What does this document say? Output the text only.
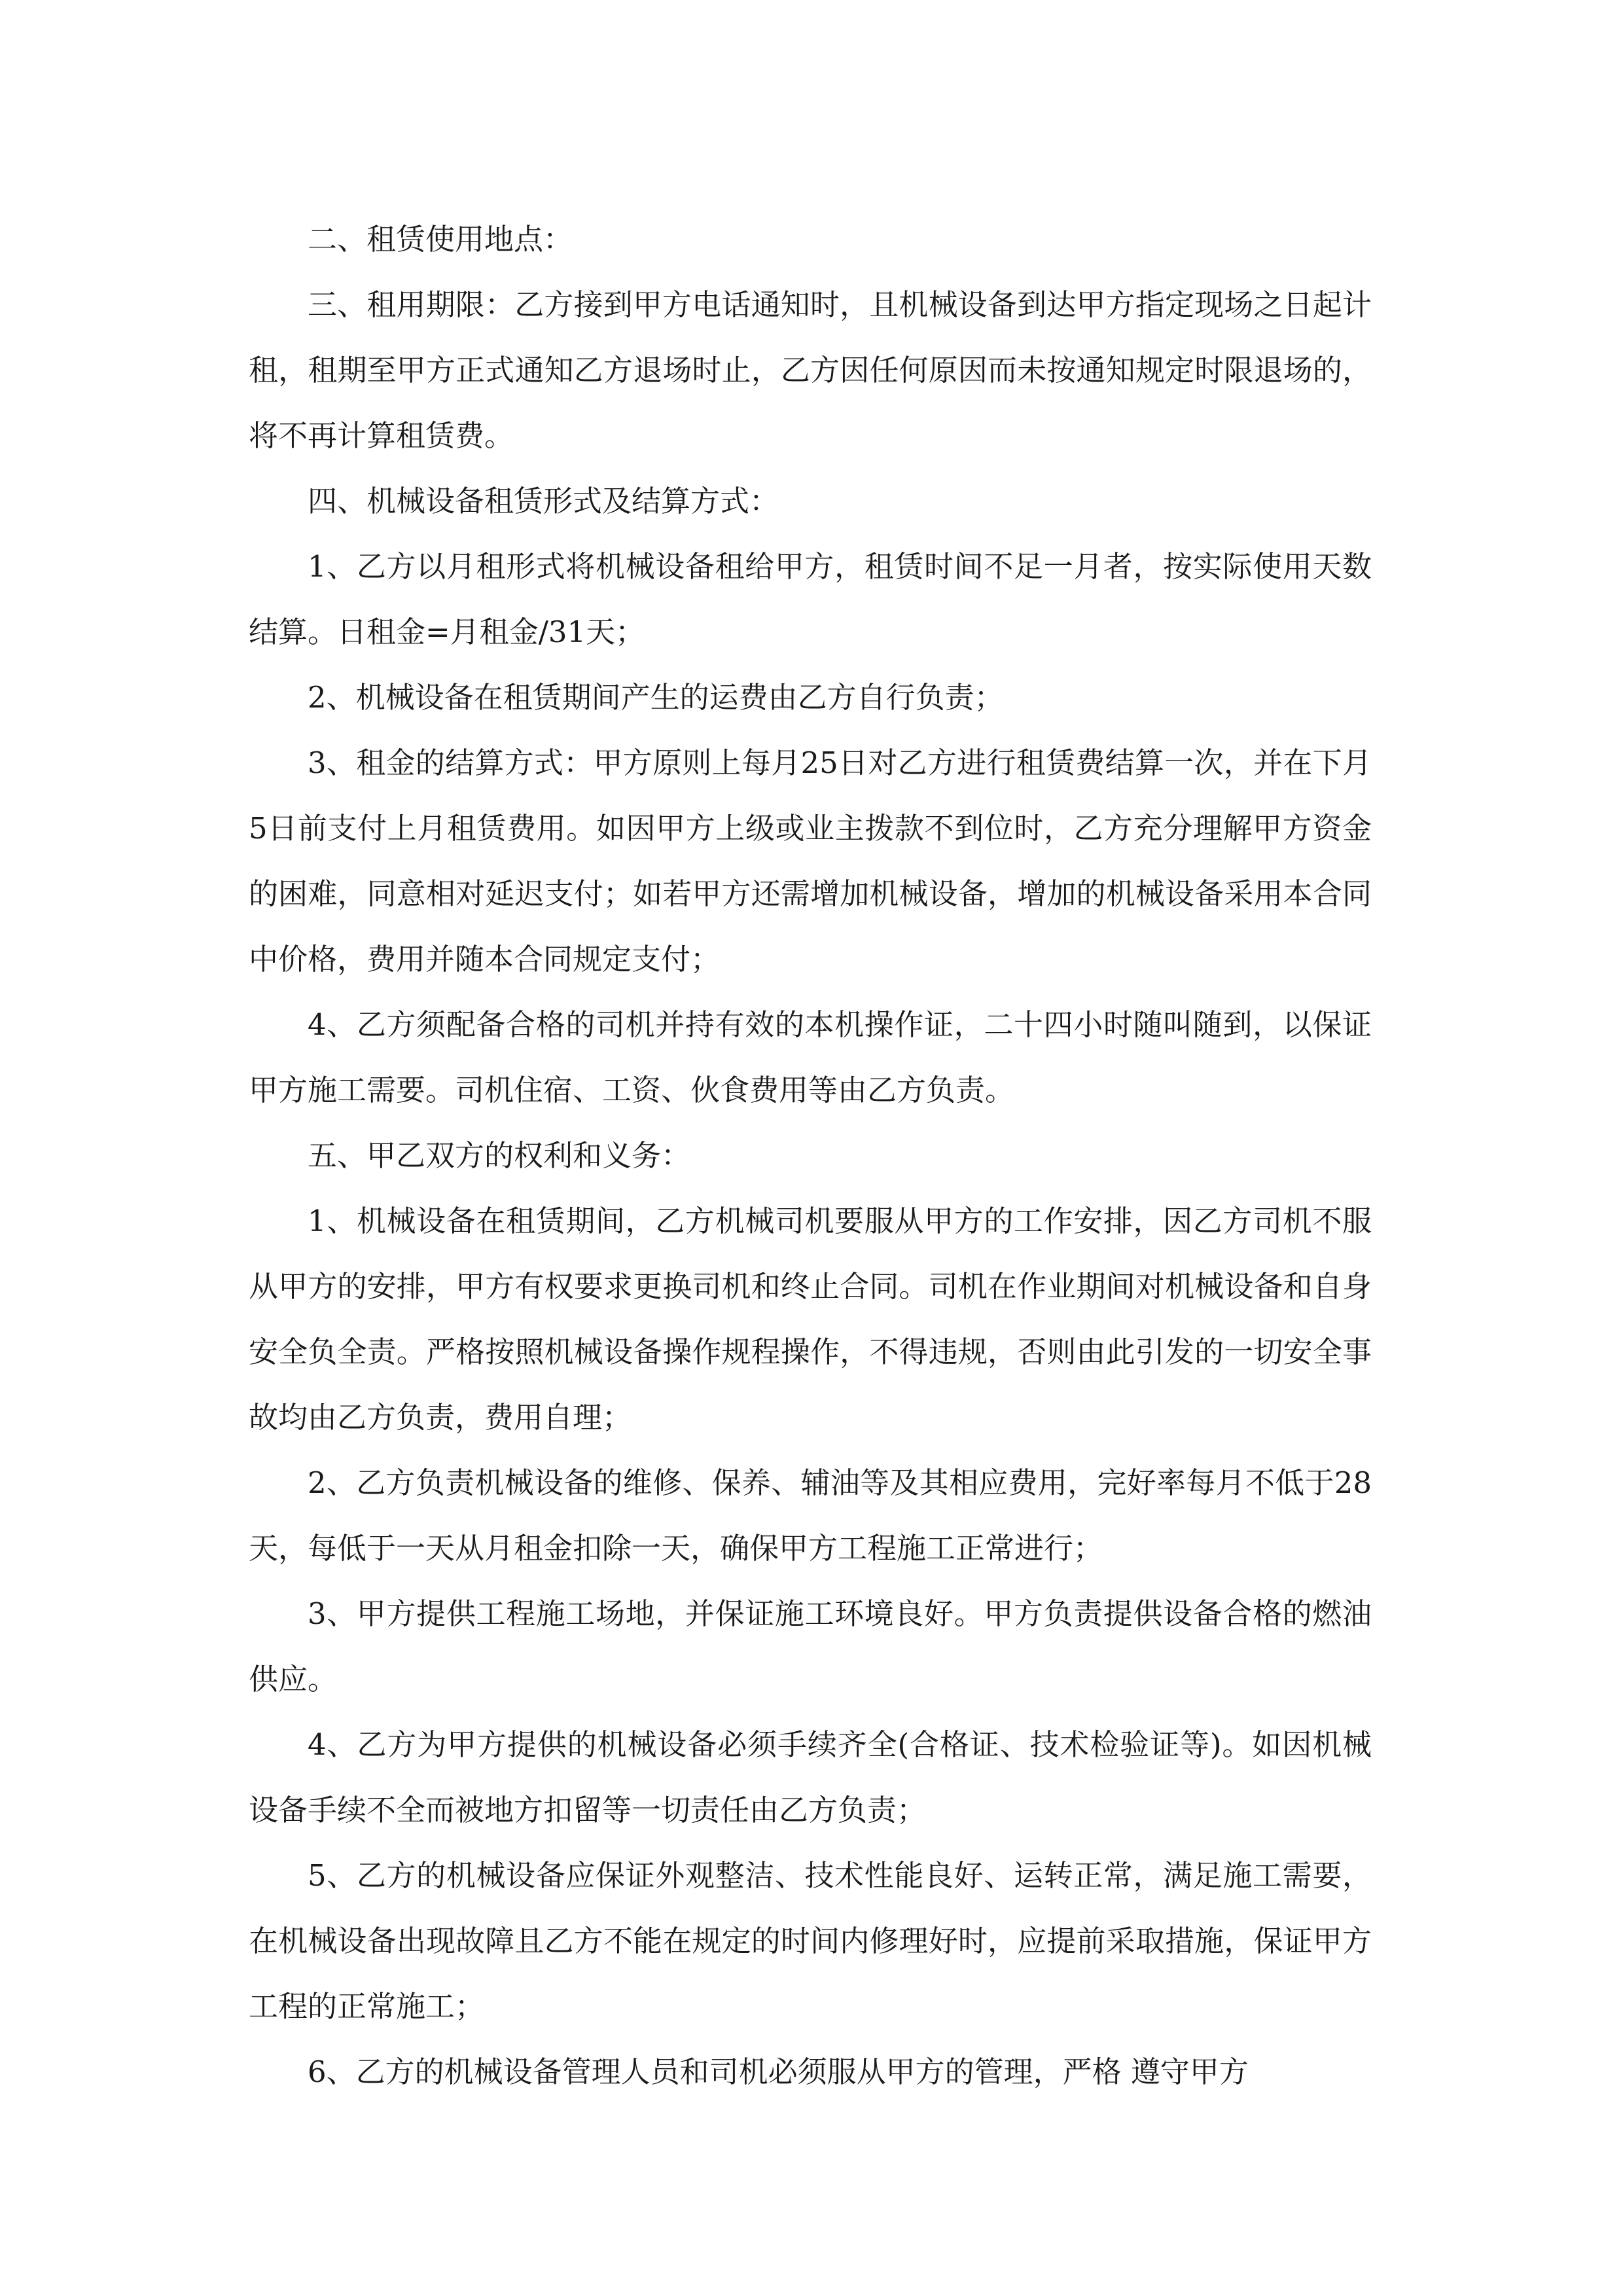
二、租赁使用地点：

三、租用期限：乙方接到甲方电话通知时，且机械设备到达甲方指定现场之日起计租，租期至甲方正式通知乙方退场时止，乙方因任何原因而未按通知规定时限退场的，将不再计算租赁费。

四、机械设备租赁形式及结算方式：

1、乙方以月租形式将机械设备租给甲方，租赁时间不足一月者，按实际使用天数结算。日租金=月租金/31天；

2、机械设备在租赁期间产生的运费由乙方自行负责；

3、租金的结算方式：甲方原则上每月25日对乙方进行租赁费结算一次，并在下月5日前支付上月租赁费用。如因甲方上级或业主拨款不到位时，乙方充分理解甲方资金的困难，同意相对延迟支付；如若甲方还需增加机械设备，增加的机械设备采用本合同中价格，费用并随本合同规定支付；

4、乙方须配备合格的司机并持有效的本机操作证，二十四小时随叫随到，以保证甲方施工需要。司机住宿、工资、伙食费用等由乙方负责。

五、甲乙双方的权利和义务：

1、机械设备在租赁期间，乙方机械司机要服从甲方的工作安排，因乙方司机不服从甲方的安排，甲方有权要求更换司机和终止合同。司机在作业期间对机械设备和自身安全负全责。严格按照机械设备操作规程操作，不得违规，否则由此引发的一切安全事故均由乙方负责，费用自理；

2、乙方负责机械设备的维修、保养、辅油等及其相应费用，完好率每月不低于28天，每低于一天从月租金扣除一天，确保甲方工程施工正常进行；

3、甲方提供工程施工场地，并保证施工环境良好。甲方负责提供设备合格的燃油供应。

4、乙方为甲方提供的机械设备必须手续齐全(合格证、技术检验证等)。如因机械设备手续不全而被地方扣留等一切责任由乙方负责；

5、乙方的机械设备应保证外观整洁、技术性能良好、运转正常，满足施工需要，在机械设备出现故障且乙方不能在规定的时间内修理好时，应提前采取措施，保证甲方工程的正常施工；

6、乙方的机械设备管理人员和司机必须服从甲方的管理，严格 遵守甲方
